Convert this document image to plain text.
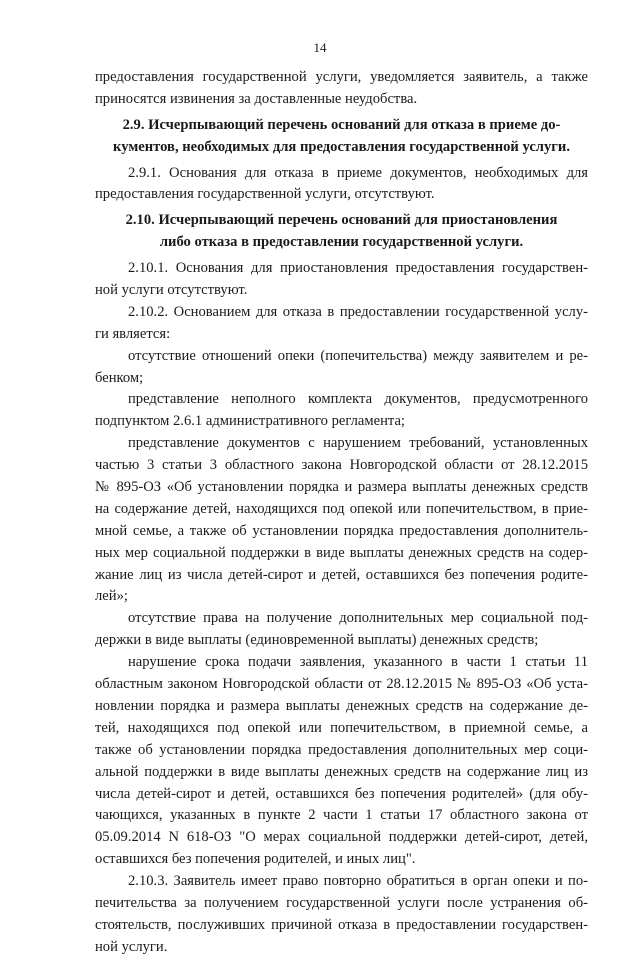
14
предоставления государственной услуги, уведомляется заявитель, а также
приносятся извинения за доставленные неудобства.
2.9. Исчерпывающий перечень оснований для отказа в приеме до-
кументов, необходимых для предоставления государственной услуги.
2.9.1. Основания для отказа в приеме документов, необходимых для
предоставления государственной услуги, отсутствуют.
2.10. Исчерпывающий перечень оснований для приостановления
либо отказа в предоставлении государственной услуги.
2.10.1. Основания для приостановления предоставления государствен-
ной услуги отсутствуют.
2.10.2. Основанием для отказа в предоставлении государственной услу-
ги является:
отсутствие отношений опеки (попечительства) между заявителем и ре-
бенком;
представление неполного комплекта документов, предусмотренного
подпунктом 2.6.1 административного регламента;
представление документов с нарушением требований, установленных
частью 3 статьи 3 областного закона Новгородской области от 28.12.2015
№ 895-ОЗ «Об установлении порядка и размера выплаты денежных средств
на содержание детей, находящихся под опекой или попечительством, в прие-
мной семье, а также об установлении порядка предоставления дополнитель-
ных мер социальной поддержки в виде выплаты денежных средств на содер-
жание лиц из числа детей-сирот и детей, оставшихся без попечения родите-
лей»;
отсутствие права на получение дополнительных мер социальной под-
держки в виде выплаты (единовременной выплаты) денежных средств;
нарушение срока подачи заявления, указанного в части 1 статьи 11
областным законом Новгородской области от 28.12.2015 № 895-ОЗ «Об уста-
новлении порядка и размера выплаты денежных средств на содержание де-
тей, находящихся под опекой или попечительством, в приемной семье, а
также об установлении порядка предоставления дополнительных мер соци-
альной поддержки в виде выплаты денежных средств на содержание лиц из
числа детей-сирот и детей, оставшихся без попечения родителей» (для обу-
чающихся, указанных в пункте 2 части 1 статьи 17 областного закона от
05.09.2014 N 618-ОЗ "О мерах социальной поддержки детей-сирот, детей,
оставшихся без попечения родителей, и иных лиц".
2.10.3. Заявитель имеет право повторно обратиться в орган опеки и по-
печительства за получением государственной услуги после устранения об-
стоятельств, послуживших причиной отказа в предоставлении государствен-
ной услуги.
